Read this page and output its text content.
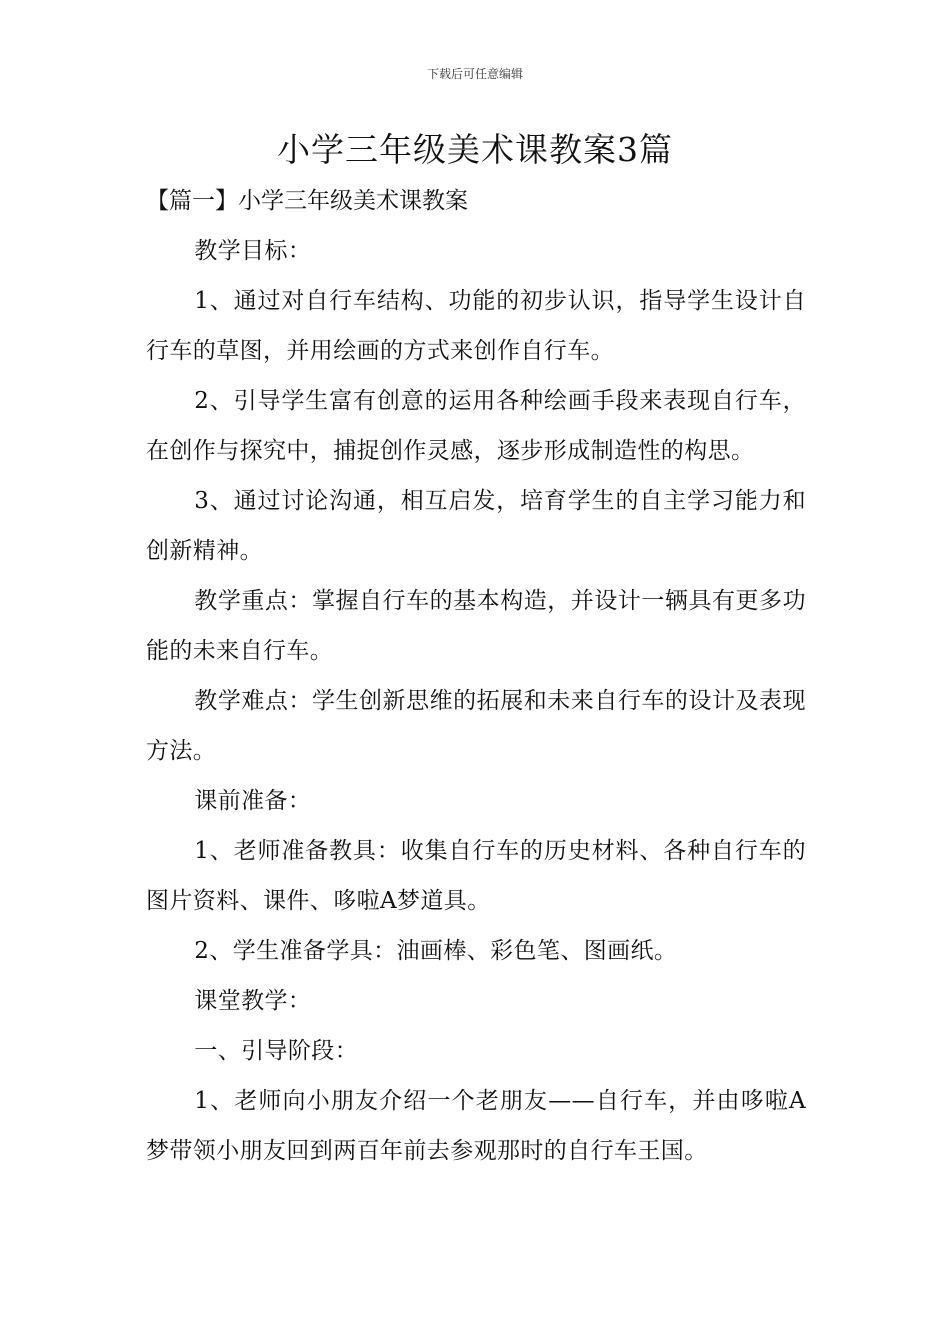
下载后可任意编辑
小学三年级美术课教案3篇

【篇一】小学三年级美术课教案

教学目标：

1、通过对自行车结构、功能的初步认识，指导学生设计自行车的草图，并用绘画的方式来创作自行车。

2、引导学生富有创意的运用各种绘画手段来表现自行车，在创作与探究中，捕捉创作灵感，逐步形成制造性的构思。

3、通过讨论沟通，相互启发，培育学生的自主学习能力和创新精神。

教学重点：掌握自行车的基本构造，并设计一辆具有更多功能的未来自行车。

教学难点：学生创新思维的拓展和未来自行车的设计及表现方法。

课前准备：

1、老师准备教具：收集自行车的历史材料、各种自行车的图片资料、课件、哆啦A梦道具。

2、学生准备学具：油画棒、彩色笔、图画纸。

课堂教学：

一、引导阶段：

1、老师向小朋友介绍一个老朋友——自行车，并由哆啦A梦带领小朋友回到两百年前去参观那时的自行车王国。
